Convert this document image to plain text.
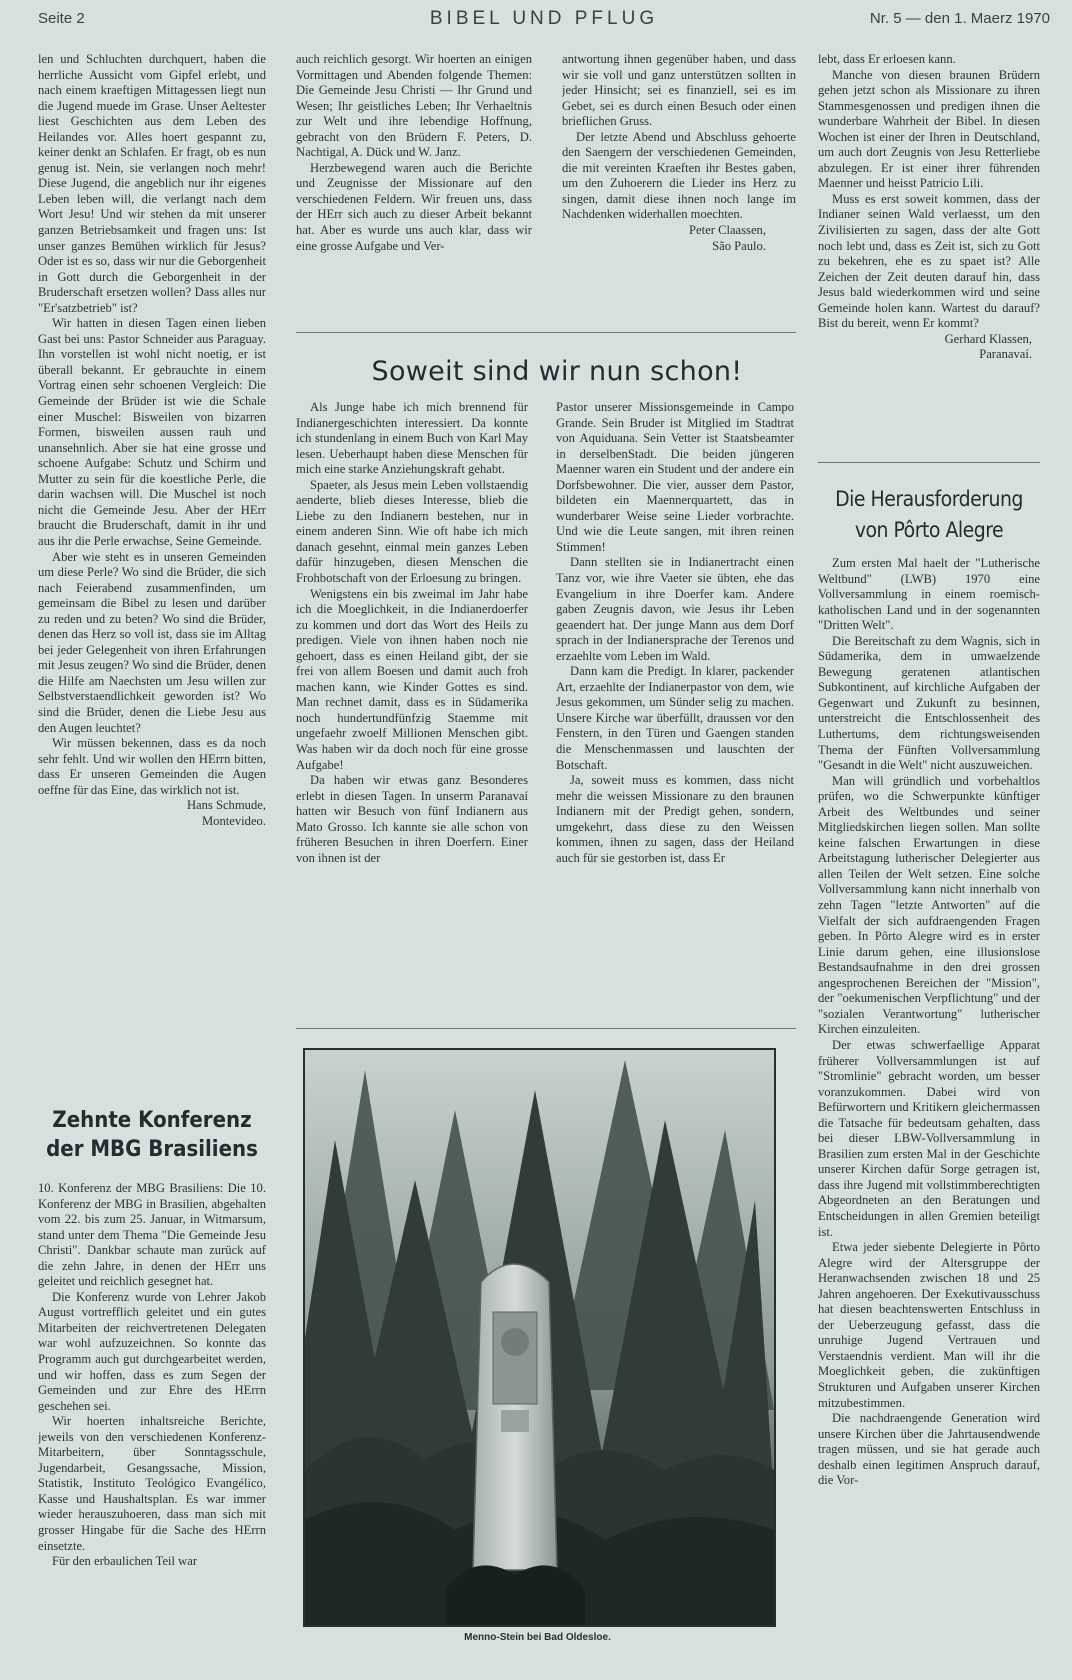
Seite 2	BIBEL UND PFLUG	Nr. 5 — den 1. Maerz 1970

len und Schluchten durchquert, haben die herrliche Aussicht vom Gipfel erlebt, und nach einem kraeftigen Mittagessen liegt nun die Jugend muede im Grase. Unser Aeltester liest Geschichten aus dem Leben des Heilandes vor. Alles hoert gespannt zu, keiner denkt an Schlafen. Er fragt, ob es nun genug ist. Nein, sie verlangen noch mehr! Diese Jugend, die angeblich nur ihr eigenes Leben leben will, die verlangt nach dem Wort Jesu! Und wir stehen da mit unserer ganzen Betriebsamkeit und fragen uns: Ist unser ganzes Bemühen wirklich für Jesus? Oder ist es so, dass wir nur die Geborgenheit in Gott durch die Geborgenheit in der Bruderschaft ersetzen wollen? Dass alles nur "Er'satzbetrieb" ist?

Wir hatten in diesen Tagen einen lieben Gast bei uns: Pastor Schneider aus Paraguay. Ihn vorstellen ist wohl nicht noetig, er ist überall bekannt. Er gebrauchte in einem Vortrag einen sehr schoenen Vergleich: Die Gemeinde der Brüder ist wie die Schale einer Muschel: Bisweilen von bizarren Formen, bisweilen aussen rauh und unansehnlich. Aber sie hat eine grosse und schoene Aufgabe: Schutz und Schirm und Mutter zu sein für die koestliche Perle, die darin wachsen will. Die Muschel ist noch nicht die Gemeinde Jesu. Aber der HErr braucht die Bruderschaft, damit in ihr und aus ihr die Perle erwachse, Seine Gemeinde.

Aber wie steht es in unseren Gemeinden um diese Perle? Wo sind die Brüder, die sich nach Feierabend zusammenfinden, um gemeinsam die Bibel zu lesen und darüber zu reden und zu beten? Wo sind die Brüder, denen das Herz so voll ist, dass sie im Alltag bei jeder Gelegenheit von ihren Erfahrungen mit Jesus zeugen? Wo sind die Brüder, denen die Hilfe am Naechsten um Jesu willen zur Selbstverstaendlichkeit geworden ist? Wo sind die Brüder, denen die Liebe Jesu aus den Augen leuchtet?

Wir müssen bekennen, dass es da noch sehr fehlt. Und wir wollen den HErrn bitten, dass Er unseren Gemeinden die Augen oeffne für das Eine, das wirklich not ist.

Hans Schmude,
Montevideo.
Zehnte Konferenz
der MBG Brasiliens

10. Konferenz der MBG Brasiliens: Die 10. Konferenz der MBG in Brasilien, abgehalten vom 22. bis zum 25. Januar, in Witmarsum, stand unter dem Thema "Die Gemeinde Jesu Christi". Dankbar schaute man zurück auf die zehn Jahre, in denen der HErr uns geleitet und reichlich gesegnet hat.

Die Konferenz wurde von Lehrer Jakob August vortrefflich geleitet und ein gutes Mitarbeiten der reichvertretenen Delegaten war wohl aufzuzeichnen. So konnte das Programm auch gut durchgearbeitet werden, und wir hoffen, dass es zum Segen der Gemeinden und zur Ehre des HErrn geschehen sei.

Wir hoerten inhaltsreiche Berichte, jeweils von den verschiedenen Konferenz-Mitarbeitern, über Sonntagsschule, Jugendarbeit, Gesangssache, Mission, Statistik, Instituto Teológico Evangélico, Kasse und Haushaltsplan. Es war immer wieder herauszuhoeren, dass man sich mit grosser Hingabe für die Sache des HErrn einsetzte.

Für den erbaulichen Teil war

auch reichlich gesorgt. Wir hoerten an einigen Vormittagen und Abenden folgende Themen: Die Gemeinde Jesu Christi — Ihr Grund und Wesen; Ihr geistliches Leben; Ihr Verhaeltnis zur Welt und ihre lebendige Hoffnung, gebracht von den Brüdern F. Peters, D. Nachtigal, A. Dück und W. Janz.

Herzbewegend waren auch die Berichte und Zeugnisse der Missionare auf den verschiedenen Feldern. Wir freuen uns, dass der HErr sich auch zu dieser Arbeit bekannt hat. Aber es wurde uns auch klar, dass wir eine grosse Aufgabe und Ver-

antwortung ihnen gegenüber haben, und dass wir sie voll und ganz unterstützen sollten in jeder Hinsicht; sei es finanziell, sei es im Gebet, sei es durch einen Besuch oder einen brieflichen Gruss.

Der letzte Abend und Abschluss gehoerte den Saengern der verschiedenen Gemeinden, die mit vereinten Kraeften ihr Bestes gaben, um den Zuhoerern die Lieder ins Herz zu singen, damit diese ihnen noch lange im Nachdenken widerhallen moechten.

Peter Claassen,
São Paulo.
Soweit sind wir nun schon!

Als Junge habe ich mich brennend für Indianergeschichten interessiert. Da konnte ich stundenlang in einem Buch von Karl May lesen. Ueberhaupt haben diese Menschen für mich eine starke Anziehungskraft gehabt.

Spaeter, als Jesus mein Leben vollstaendig aenderte, blieb dieses Interesse, blieb die Liebe zu den Indianern bestehen, nur in einem anderen Sinn. Wie oft habe ich mich danach gesehnt, einmal mein ganzes Leben dafür hinzugeben, diesen Menschen die Frohbotschaft von der Erloesung zu bringen.

Wenigstens ein bis zweimal im Jahr habe ich die Moeglichkeit, in die Indianerdoerfer zu kommen und dort das Wort des Heils zu predigen. Viele von ihnen haben noch nie gehoert, dass es einen Heiland gibt, der sie frei von allem Boesen und damit auch froh machen kann, wie Kinder Gottes es sind. Man rechnet damit, dass es in Südamerika noch hundertundfünfzig Staemme mit ungefaehr zwoelf Millionen Menschen gibt. Was haben wir da doch noch für eine grosse Aufgabe!

Da haben wir etwas ganz Besonderes erlebt in diesen Tagen. In unserm Paranavaí hatten wir Besuch von fünf Indianern aus Mato Grosso. Ich kannte sie alle schon von früheren Besuchen in ihren Doerfern. Einer von ihnen ist der

Pastor unserer Missionsgemeinde in Campo Grande. Sein Bruder ist Mitglied im Stadtrat von Aquiduana. Sein Vetter ist Staatsbeamter in derselbenStadt. Die beiden jüngeren Maenner waren ein Student und der andere ein Dorfsbewohner. Die vier, ausser dem Pastor, bildeten ein Maennerquartett, das in wunderbarer Weise seine Lieder vorbrachte. Und wie die Leute sangen, mit ihren reinen Stimmen!

Dann stellten sie in Indianertracht einen Tanz vor, wie ihre Vaeter sie übten, ehe das Evangelium in ihre Doerfer kam. Andere gaben Zeugnis davon, wie Jesus ihr Leben geaendert hat. Der junge Mann aus dem Dorf sprach in der Indianersprache der Terenos und erzaehlte vom Leben im Wald.

Dann kam die Predigt. In klarer, packender Art, erzaehlte der Indianerpastor von dem, wie Jesus gekommen, um Sünder selig zu machen. Unsere Kirche war überfüllt, draussen vor den Fenstern, in den Türen und Gaengen standen die Menschenmassen und lauschten der Botschaft.

Ja, soweit muss es kommen, dass nicht mehr die weissen Missionare zu den braunen Indianern mit der Predigt gehen, sondern, umgekehrt, dass diese zu den Weissen kommen, ihnen zu sagen, dass der Heiland auch für sie gestorben ist, dass Er

lebt, dass Er erloesen kann.

Manche von diesen braunen Brüdern gehen jetzt schon als Missionare zu ihren Stammesgenossen und predigen ihnen die wunderbare Wahrheit der Bibel. In diesen Wochen ist einer der Ihren in Deutschland, um auch dort Zeugnis von Jesu Retterliebe abzulegen. Er ist einer ihrer führenden Maenner und heisst Patricio Lili.

Muss es erst soweit kommen, dass der Indianer seinen Wald verlaesst, um den Zivilisierten zu sagen, dass der alte Gott noch lebt und, dass es Zeit ist, sich zu Gott zu bekehren, ehe es zu spaet ist? Alle Zeichen der Zeit deuten darauf hin, dass Jesus bald wiederkommen wird und seine Gemeinde holen kann. Wartest du darauf? Bist du bereit, wenn Er kommt?

Gerhard Klassen,
Paranavaí.
Die Herausforderung
von Pôrto Alegre

Zum ersten Mal haelt der "Lutherische Weltbund" (LWB) 1970 eine Vollversammlung in einem roemisch-katholischen Land und in der sogenannten "Dritten Welt".

Die Bereitschaft zu dem Wagnis, sich in Südamerika, dem in umwaelzende Bewegung geratenen atlantischen Subkontinent, auf kirchliche Aufgaben der Gegenwart und Zukunft zu besinnen, unterstreicht die Entschlossenheit des Luthertums, dem richtungsweisenden Thema der Fünften Vollversammlung "Gesandt in die Welt" nicht auszuweichen.

Man will gründlich und vorbehaltlos prüfen, wo die Schwerpunkte künftiger Arbeit des Weltbundes und seiner Mitgliedskirchen liegen sollen. Man sollte keine falschen Erwartungen in diese Arbeitstagung lutherischer Delegierter aus allen Teilen der Welt setzen. Eine solche Vollversammlung kann nicht innerhalb von zehn Tagen "letzte Antworten" auf die Vielfalt der sich aufdraengenden Fragen geben. In Pôrto Alegre wird es in erster Linie darum gehen, eine illusionslose Bestandsaufnahme in den drei grossen angesprochenen Bereichen der "Mission", der "oekumenischen Verpflichtung" und der "sozialen Verantwortung" lutherischer Kirchen einzuleiten.

Der etwas schwerfaellige Apparat früherer Vollversammlungen ist auf "Stromlinie" gebracht worden, um besser voranzukommen. Dabei wird von Befürwortern und Kritikern gleichermassen die Tatsache für bedeutsam gehalten, dass bei dieser LBW-Vollversammlung in Brasilien zum ersten Mal in der Geschichte unserer Kirchen dafür Sorge getragen ist, dass ihre Jugend mit vollstimmberechtigten Abgeordneten an den Beratungen und Entscheidungen in allen Gremien beteiligt ist.

Etwa jeder siebente Delegierte in Pôrto Alegre wird der Altersgruppe der Heranwachsenden zwischen 18 und 25 Jahren angehoeren. Der Exekutivausschuss hat diesen beachtenswerten Entschluss in der Ueberzeugung gefasst, dass die unruhige Jugend Vertrauen und Verstaendnis verdient. Man will ihr die Moeglichkeit geben, die zukünftigen Strukturen und Aufgaben unserer Kirchen mitzubestimmen.

Die nachdraengende Generation wird unsere Kirchen über die Jahrtausendwende tragen müssen, und sie hat gerade auch deshalb einen legitimen Anspruch darauf, die Vor-

Menno-Stein bei Bad Oldesloe.
